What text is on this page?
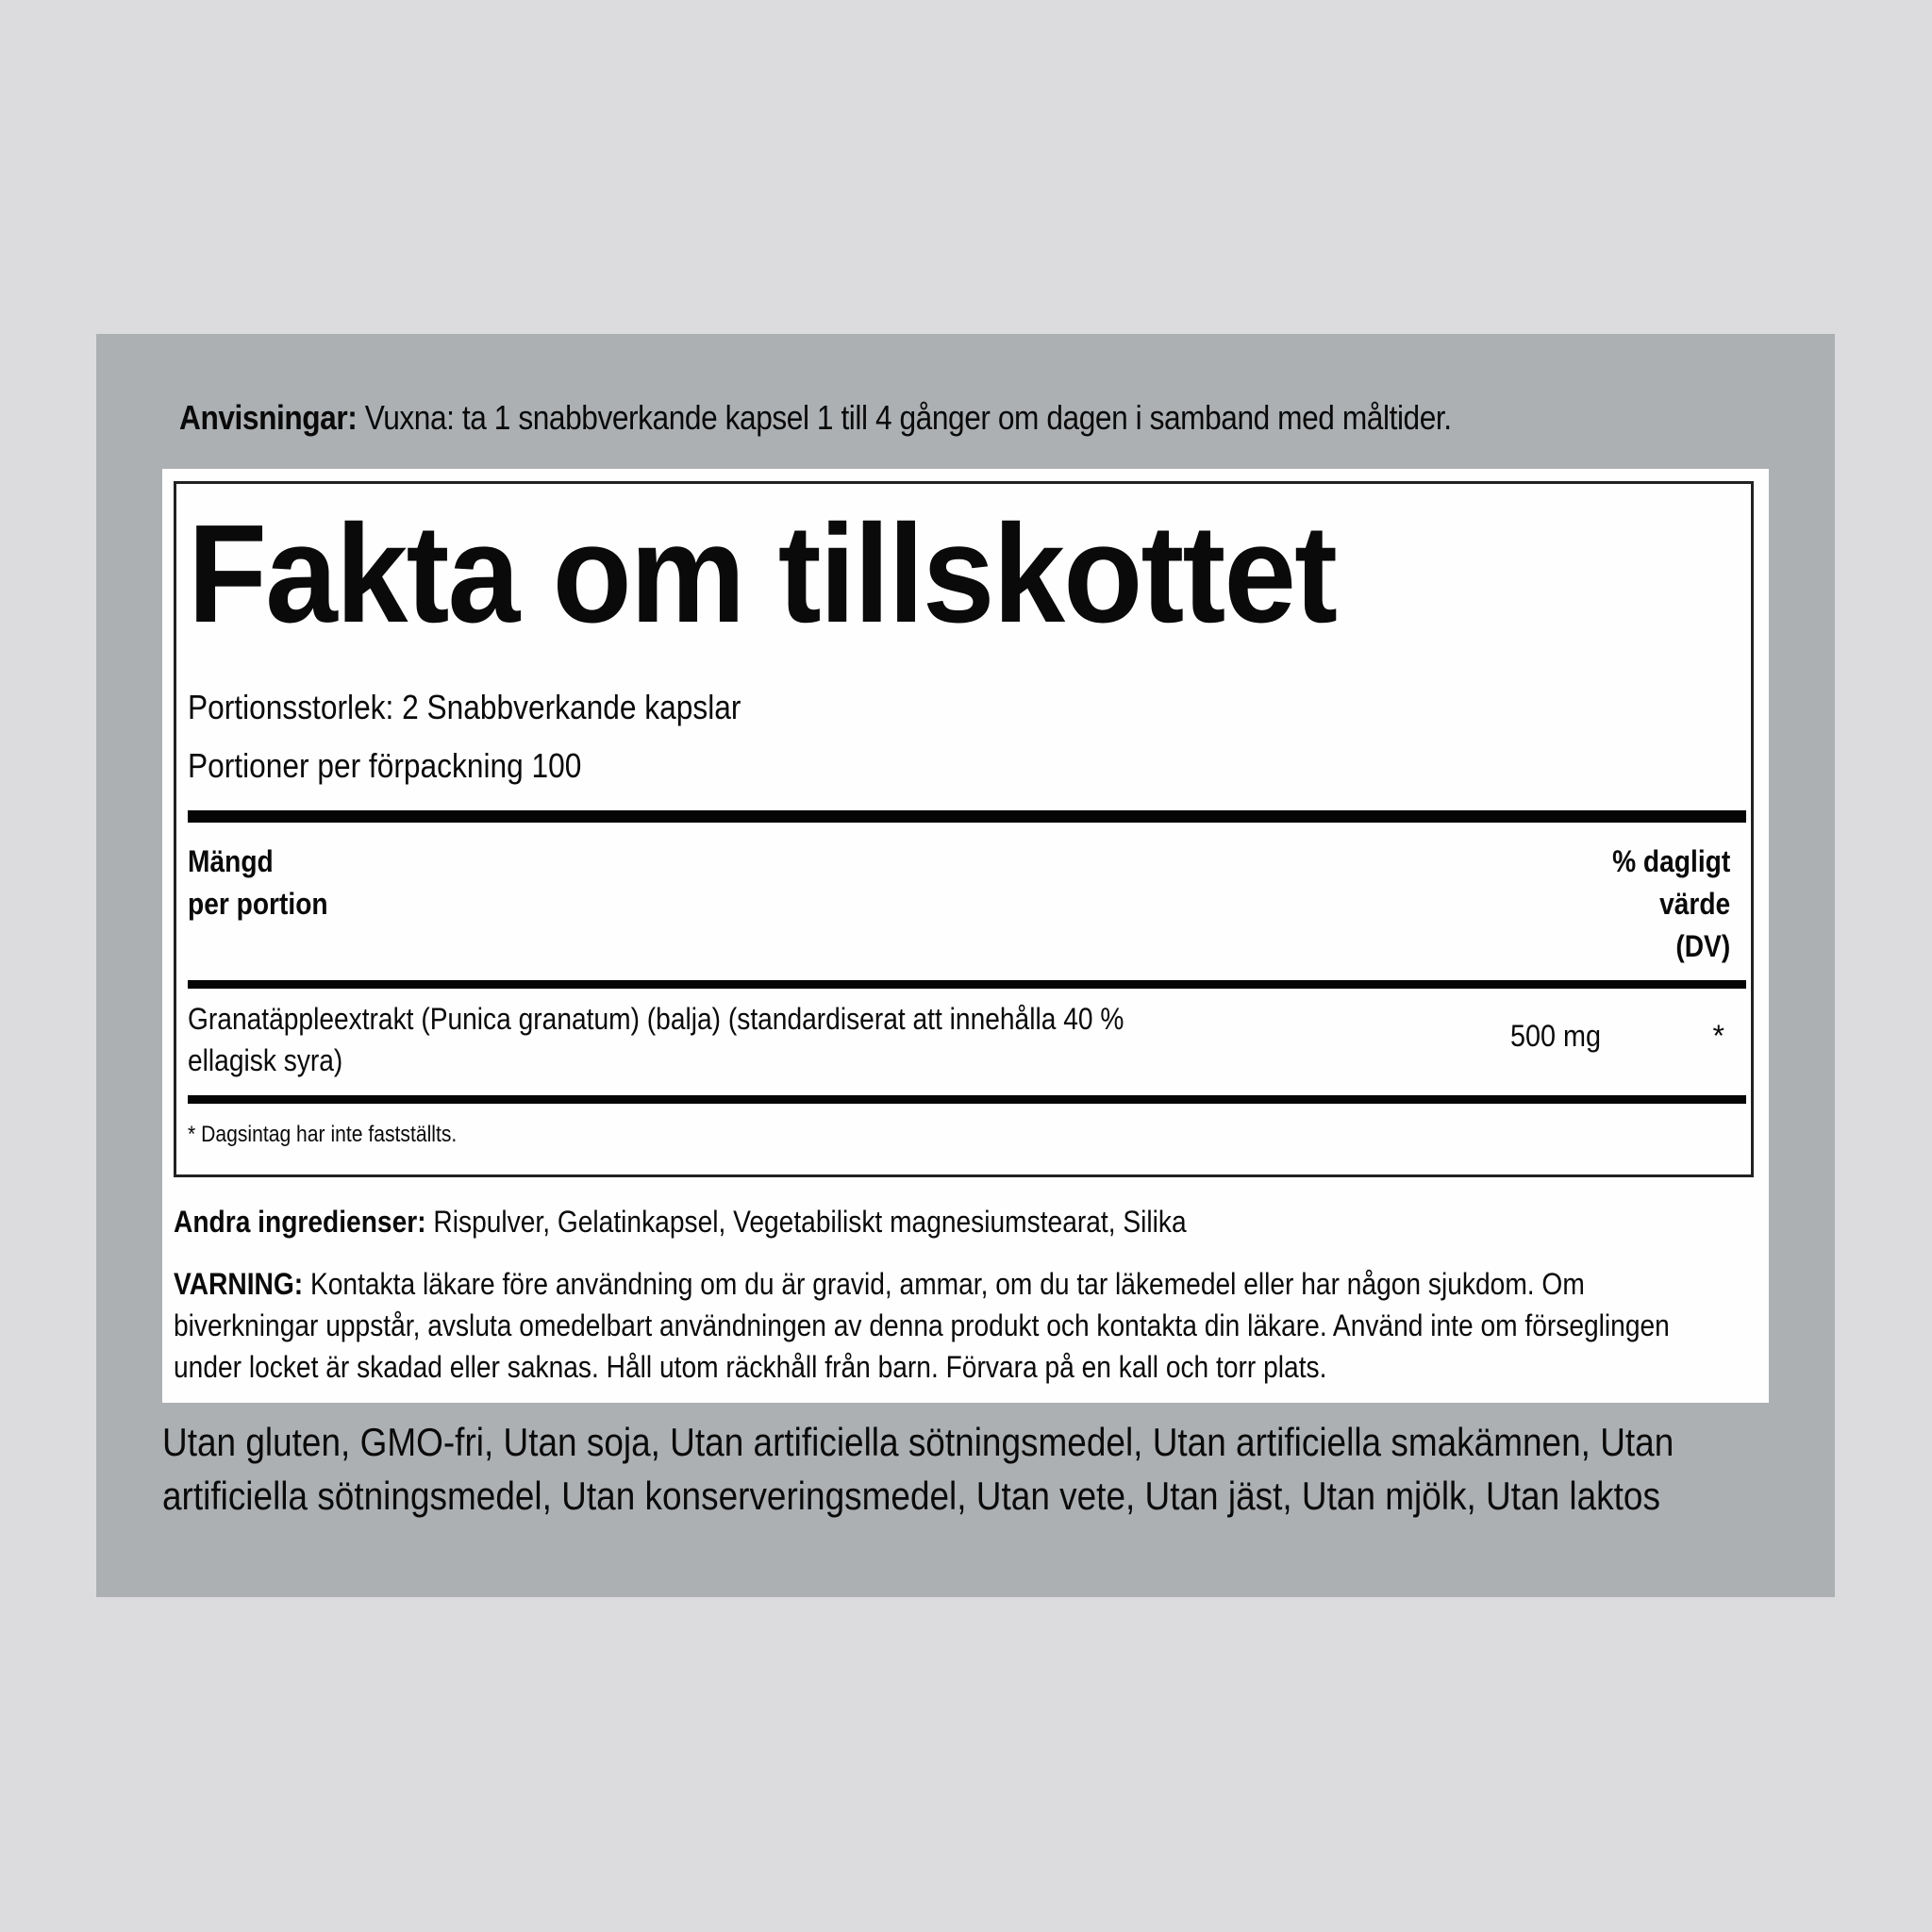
Anvisningar: Vuxna: ta 1 snabbverkande kapsel 1 till 4 gånger om dagen i samband med måltider.
Fakta om tillskottet
Portionsstorlek: 2 Snabbverkande kapslar
Portioner per förpackning 100
Mängd
per portion
% dagligt
värde
(DV)
Granatäppleextrakt (Punica granatum) (balja) (standardiserat att innehålla 40 % ellagisk syra)
500 mg	*
* Dagsintag har inte fastställts.
Andra ingredienser: Rispulver, Gelatinkapsel, Vegetabiliskt magnesiumstearat, Silika
VARNING: Kontakta läkare före användning om du är gravid, ammar, om du tar läkemedel eller har någon sjukdom. Om biverkningar uppstår, avsluta omedelbart användningen av denna produkt och kontakta din läkare. Använd inte om förseglingen under locket är skadad eller saknas. Håll utom räckhåll från barn. Förvara på en kall och torr plats.
Utan gluten, GMO-fri, Utan soja, Utan artificiella sötningsmedel, Utan artificiella smakämnen, Utan artificiella sötningsmedel, Utan konserveringsmedel, Utan vete, Utan jäst, Utan mjölk, Utan laktos
